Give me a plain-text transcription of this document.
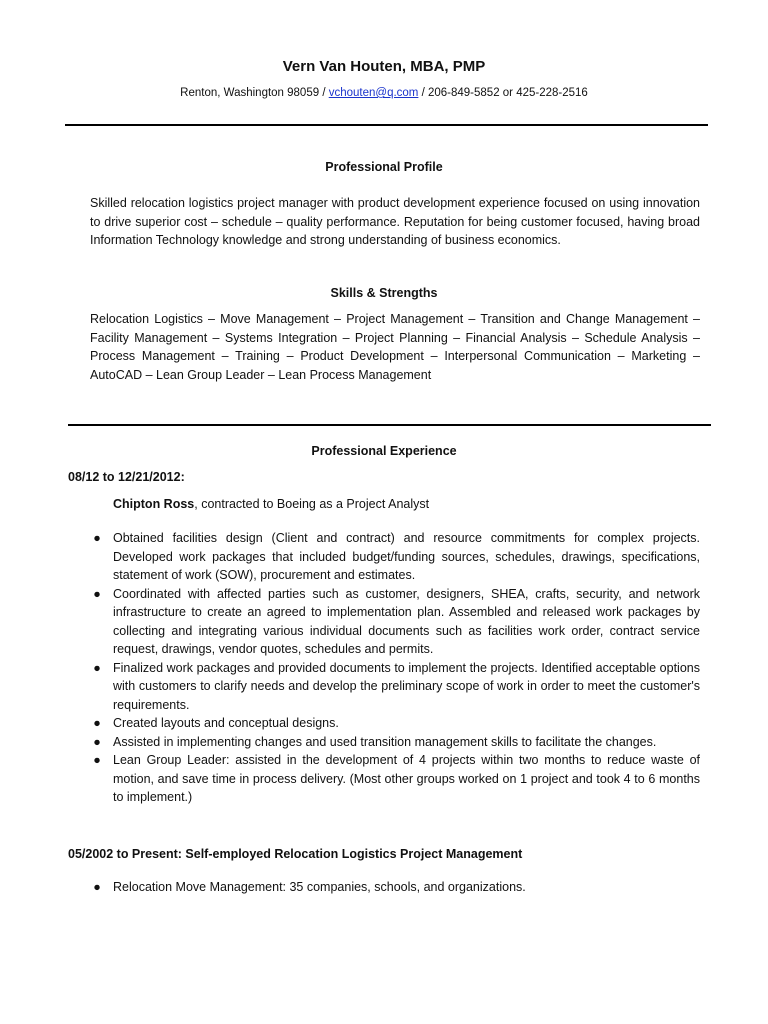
Vern Van Houten, MBA, PMP
Renton, Washington 98059 / vchouten@q.com / 206-849-5852 or 425-228-2516
Professional Profile
Skilled relocation logistics project manager with product development experience focused on using innovation to drive superior cost – schedule – quality performance. Reputation for being customer focused, having broad Information Technology knowledge and strong understanding of business economics.
Skills & Strengths
Relocation Logistics – Move Management – Project Management – Transition and Change Management – Facility Management – Systems Integration – Project Planning – Financial Analysis – Schedule Analysis – Process Management – Training – Product Development – Interpersonal Communication – Marketing – AutoCAD – Lean Group Leader – Lean Process Management
Professional Experience
08/12 to 12/21/2012:
Chipton Ross, contracted to Boeing as a Project Analyst
● Obtained facilities design (Client and contract) and resource commitments for complex projects. Developed work packages that included budget/funding sources, schedules, drawings, specifications, statement of work (SOW), procurement and estimates.
● Coordinated with affected parties such as customer, designers, SHEA, crafts, security, and network infrastructure to create an agreed to implementation plan. Assembled and released work packages by collecting and integrating various individual documents such as facilities work order, contract service request, drawings, vendor quotes, schedules and permits.
● Finalized work packages and provided documents to implement the projects. Identified acceptable options with customers to clarify needs and develop the preliminary scope of work in order to meet the customer's requirements.
● Created layouts and conceptual designs.
● Assisted in implementing changes and used transition management skills to facilitate the changes.
● Lean Group Leader: assisted in the development of 4 projects within two months to reduce waste of motion, and save time in process delivery. (Most other groups worked on 1 project and took 4 to 6 months to implement.)
05/2002 to Present: Self-employed Relocation Logistics Project Management
● Relocation Move Management: 35 companies, schools, and organizations.
